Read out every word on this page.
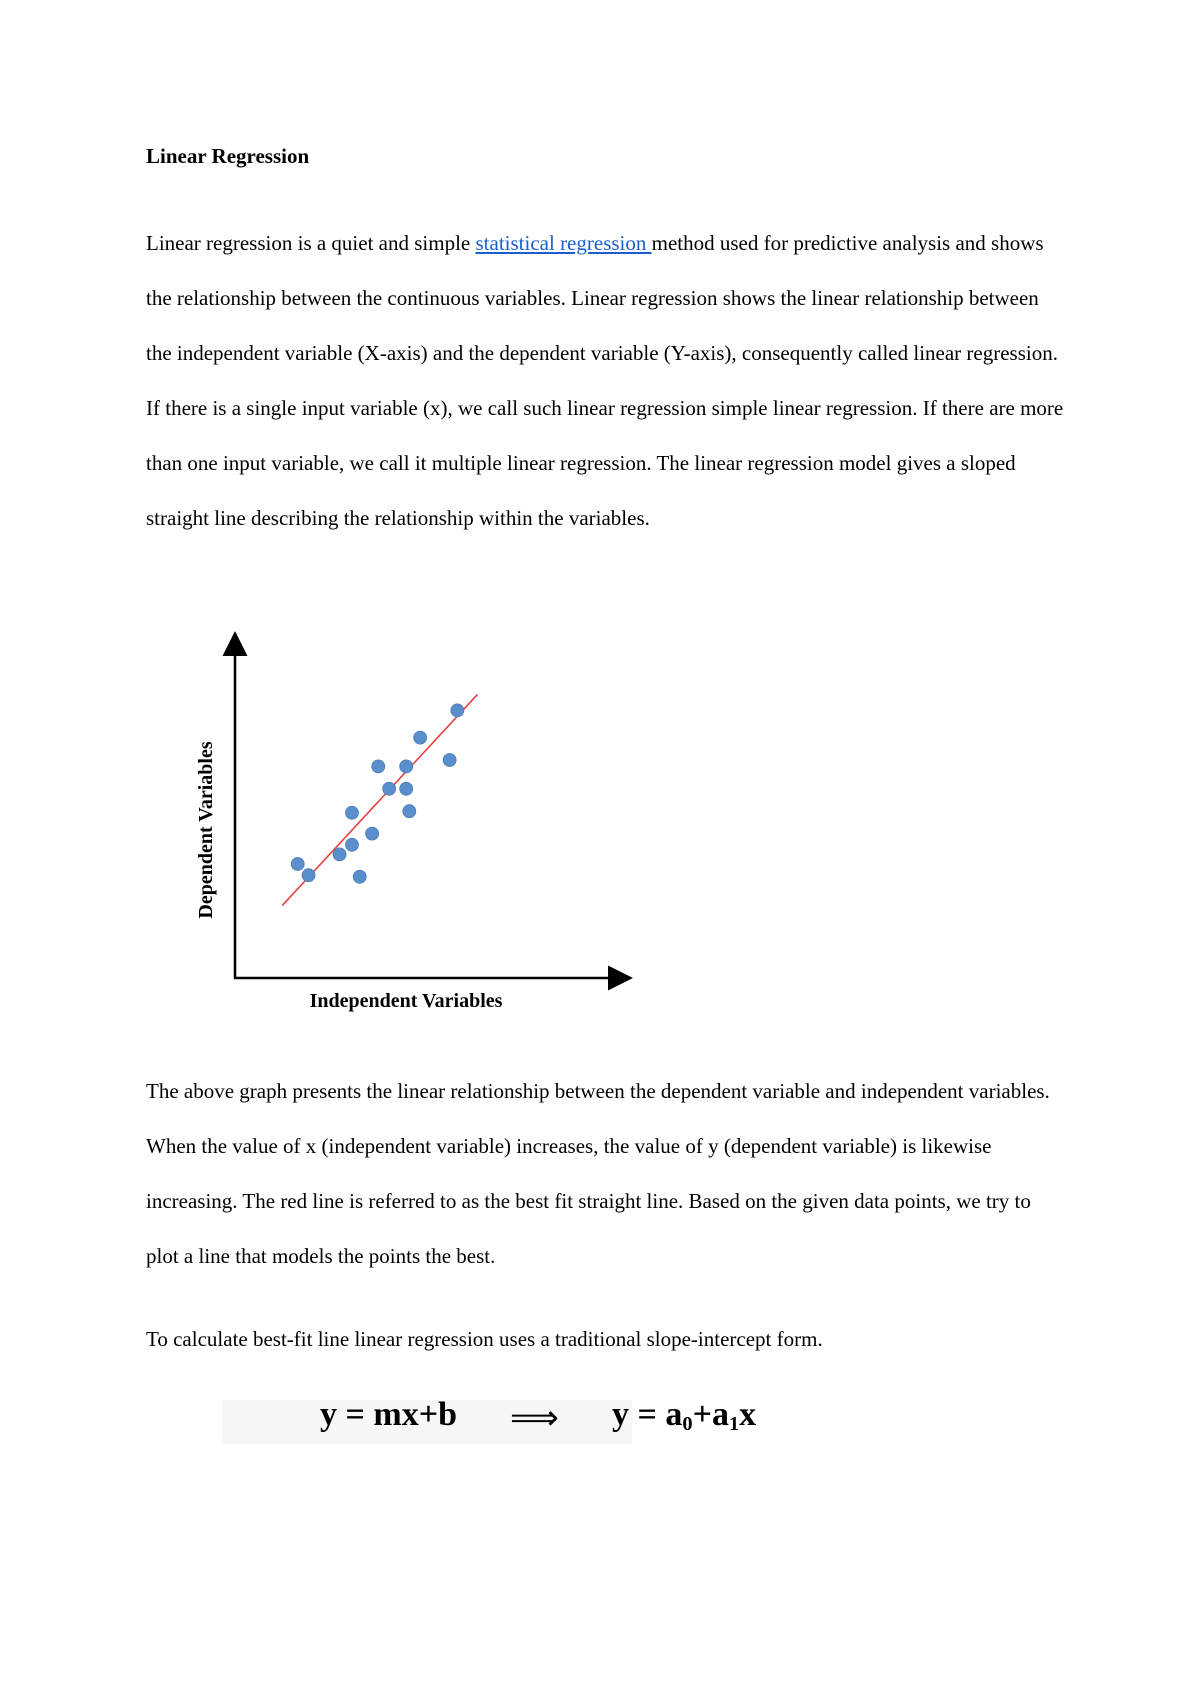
Linear Regression

Linear regression is a quiet and simple statistical regression method used for predictive analysis and shows the relationship between the continuous variables. Linear regression shows the linear relationship between the independent variable (X-axis) and the dependent variable (Y-axis), consequently called linear regression. If there is a single input variable (x), we call such linear regression simple linear regression. If there are more than one input variable, we call it multiple linear regression. The linear regression model gives a sloped straight line describing the relationship within the variables.

Independent Variables
Dependent Variables

The above graph presents the linear relationship between the dependent variable and independent variables. When the value of x (independent variable) increases, the value of y (dependent variable) is likewise increasing. The red line is referred to as the best fit straight line. Based on the given data points, we try to plot a line that models the points the best.

To calculate best-fit line linear regression uses a traditional slope-intercept form.

y = mx+b ⟹ $y = a_0+a_1x$
